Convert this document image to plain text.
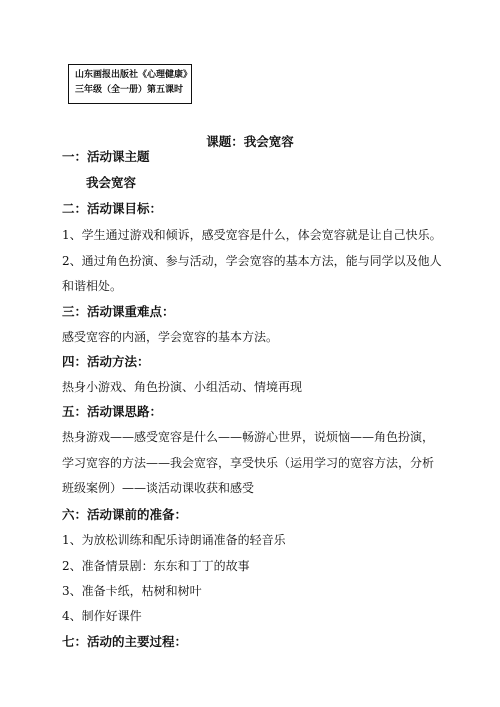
山东画报出版社《心理健康》
三年级（全一册）第五课时
课题：我会宽容
一：活动课主题
我会宽容
二：活动课目标：
1、学生通过游戏和倾诉，感受宽容是什么，体会宽容就是让自己快乐。
2、通过角色扮演、参与活动，学会宽容的基本方法，能与同学以及他人
和谐相处。
三：活动课重难点：
感受宽容的内涵，学会宽容的基本方法。
四：活动方法：
热身小游戏、角色扮演、小组活动、情境再现
五：活动课思路：
热身游戏——感受宽容是什么——畅游心世界，说烦恼——角色扮演，
学习宽容的方法——我会宽容，享受快乐（运用学习的宽容方法，分析
班级案例）——谈活动课收获和感受
六：活动课前的准备：
1、为放松训练和配乐诗朗诵准备的轻音乐
2、准备情景剧：东东和丁丁的故事
3、准备卡纸，枯树和树叶
4、制作好课件
七：活动的主要过程：
